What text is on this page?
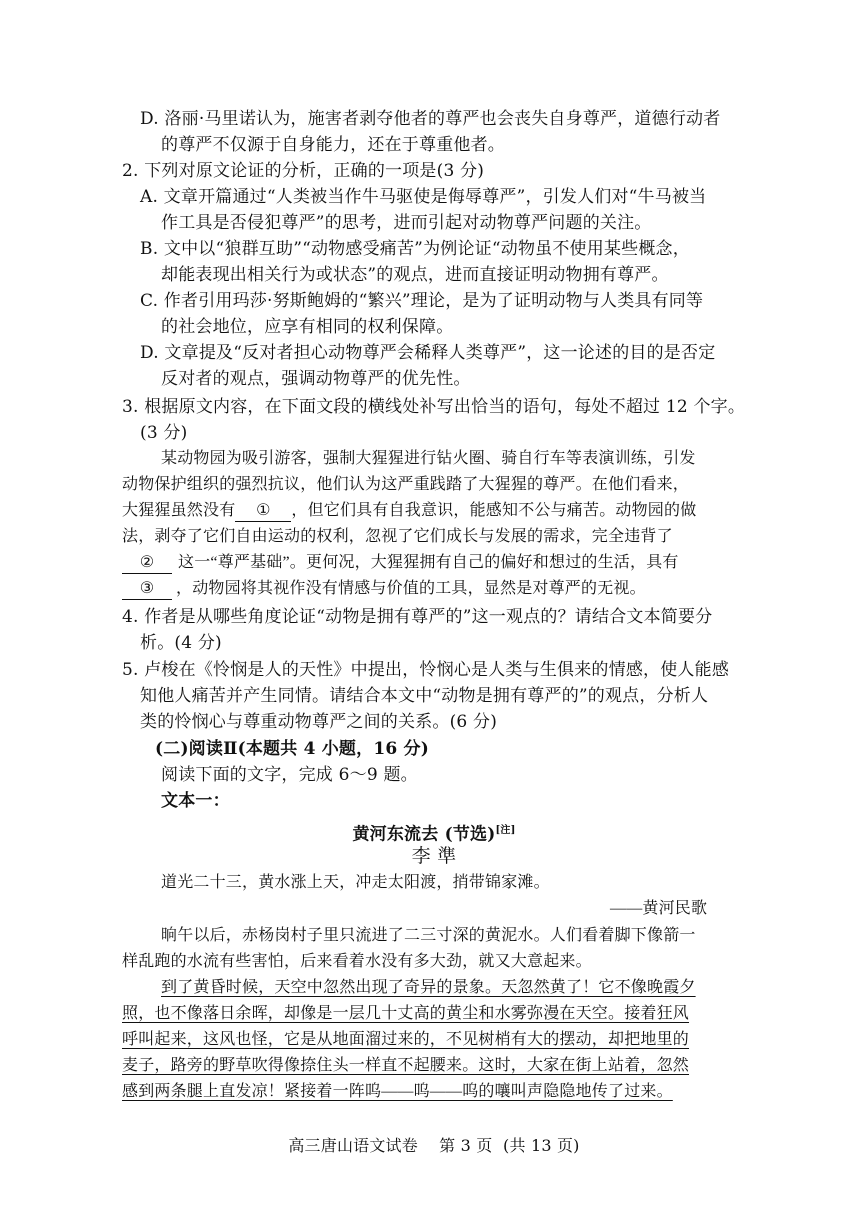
D. 洛丽·马里诺认为，施害者剥夺他者的尊严也会丧失自身尊严，道德行动者
的尊严不仅源于自身能力，还在于尊重他者。
2. 下列对原文论证的分析，正确的一项是(3 分)
A. 文章开篇通过“人类被当作牛马驱使是侮辱尊严”，引发人们对“牛马被当
作工具是否侵犯尊严”的思考，进而引起对动物尊严问题的关注。
B. 文中以“狼群互助”“动物感受痛苦”为例论证“动物虽不使用某些概念，
却能表现出相关行为或状态”的观点，进而直接证明动物拥有尊严。
C. 作者引用玛莎·努斯鲍姆的“繁兴”理论，是为了证明动物与人类具有同等
的社会地位，应享有相同的权利保障。
D. 文章提及“反对者担心动物尊严会稀释人类尊严”，这一论述的目的是否定
反对者的观点，强调动物尊严的优先性。
3. 根据原文内容，在下面文段的横线处补写出恰当的语句，每处不超过 12 个字。
(3 分)
某动物园为吸引游客，强制大猩猩进行钻火圈、骑自行车等表演训练，引发
动物保护组织的强烈抗议，他们认为这严重践踏了大猩猩的尊严。在他们看来，
大猩猩虽然没有 ① ，但它们具有自我意识，能感知不公与痛苦。动物园的做
法，剥夺了它们自由运动的权利，忽视了它们成长与发展的需求，完全违背了
② 这一“尊严基础”。更何况，大猩猩拥有自己的偏好和想过的生活，具有
③ ，动物园将其视作没有情感与价值的工具，显然是对尊严的无视。
4. 作者是从哪些角度论证“动物是拥有尊严的”这一观点的？请结合文本简要分
析。(4 分)
5. 卢梭在《怜悯是人的天性》中提出，怜悯心是人类与生俱来的情感，使人能感
知他人痛苦并产生同情。请结合本文中“动物是拥有尊严的”的观点，分析人
类的怜悯心与尊重动物尊严之间的关系。(6 分)
(二)阅读Ⅱ(本题共 4 小题，16 分)
阅读下面的文字，完成 6～9 题。
文本一：
黄河东流去 (节选)[注]
李 準
道光二十三，黄水涨上天，冲走太阳渡，捎带锦家滩。
——黄河民歌
晌午以后，赤杨岗村子里只流进了二三寸深的黄泥水。人们看着脚下像箭一
样乱跑的水流有些害怕，后来看着水没有多大劲，就又大意起来。
到了黄昏时候，天空中忽然出现了奇异的景象。天忽然黄了！它不像晚霞夕
照，也不像落日余晖，却像是一层几十丈高的黄尘和水雾弥漫在天空。接着狂风
呼叫起来，这风也怪，它是从地面溜过来的，不见树梢有大的摆动，却把地里的
麦子，路旁的野草吹得像捺住头一样直不起腰来。这时，大家在街上站着，忽然
感到两条腿上直发凉！紧接着一阵呜——呜——呜的嚷叫声隐隐地传了过来。
高三唐山语文试卷    第 3 页  (共 13 页)
